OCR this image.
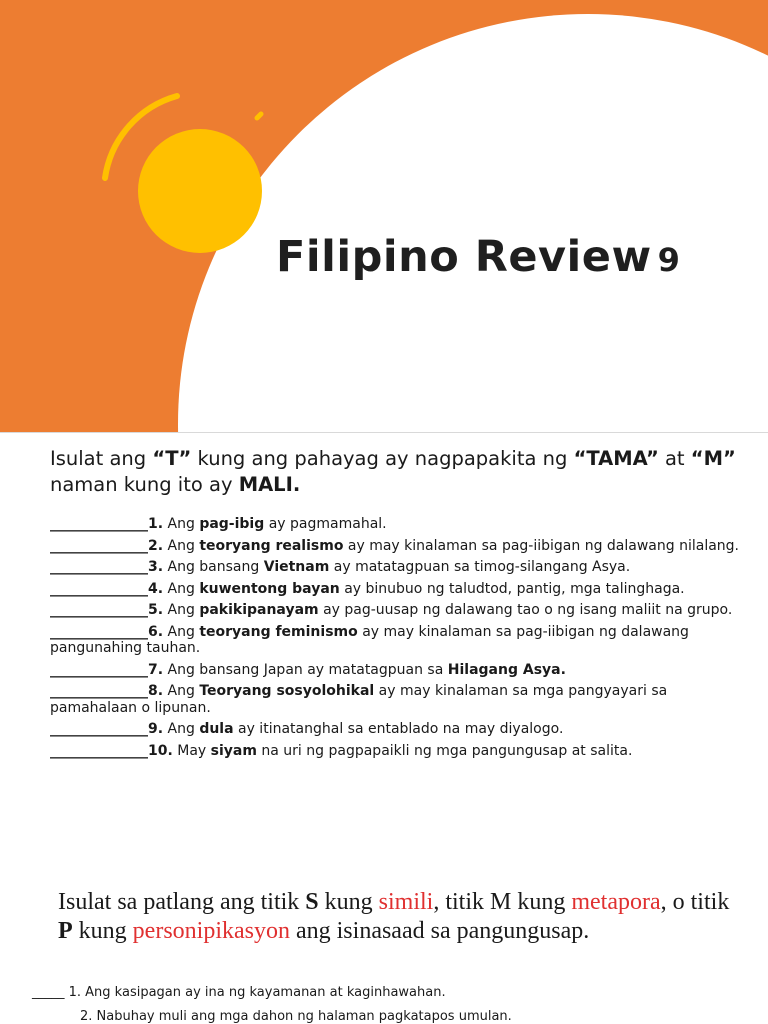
Filipino Review 9

Isulat ang “T” kung ang pahayag ay nagpapakita ng “TAMA” at “M” naman kung ito ay MALI.

______________1. Ang pag-ibig ay pagmamahal.
______________2. Ang teoryang realismo ay may kinalaman sa pag-iibigan ng dalawang nilalang.
______________3. Ang bansang Vietnam ay matatagpuan sa timog-silangang Asya.
______________4. Ang kuwentong bayan ay binubuo ng taludtod, pantig, mga talinghaga.
______________5. Ang pakikipanayam ay pag-uusap ng dalawang tao o ng isang maliit na grupo.
______________6. Ang teoryang feminismo ay may kinalaman sa pag-iibigan ng dalawang pangunahing tauhan.
______________7. Ang bansang Japan ay matatagpuan sa Hilagang Asya.
______________8. Ang Teoryang sosyolohikal ay may kinalaman sa mga pangyayari sa pamahalaan o lipunan.
______________9. Ang dula ay itinatanghal sa entablado na may diyalogo.
______________10. May siyam na uri ng pagpapaikli ng mga pangungusap at salita.
Isulat sa patlang ang titik S kung simili, titik M kung metapora, o titik P kung personipikasyon ang isinasaad sa pangungusap.
_____ 1. Ang kasipagan ay ina ng kayamanan at kaginhawahan.
2. Nabuhay muli ang mga dahon ng halaman pagkatapos umulan.
